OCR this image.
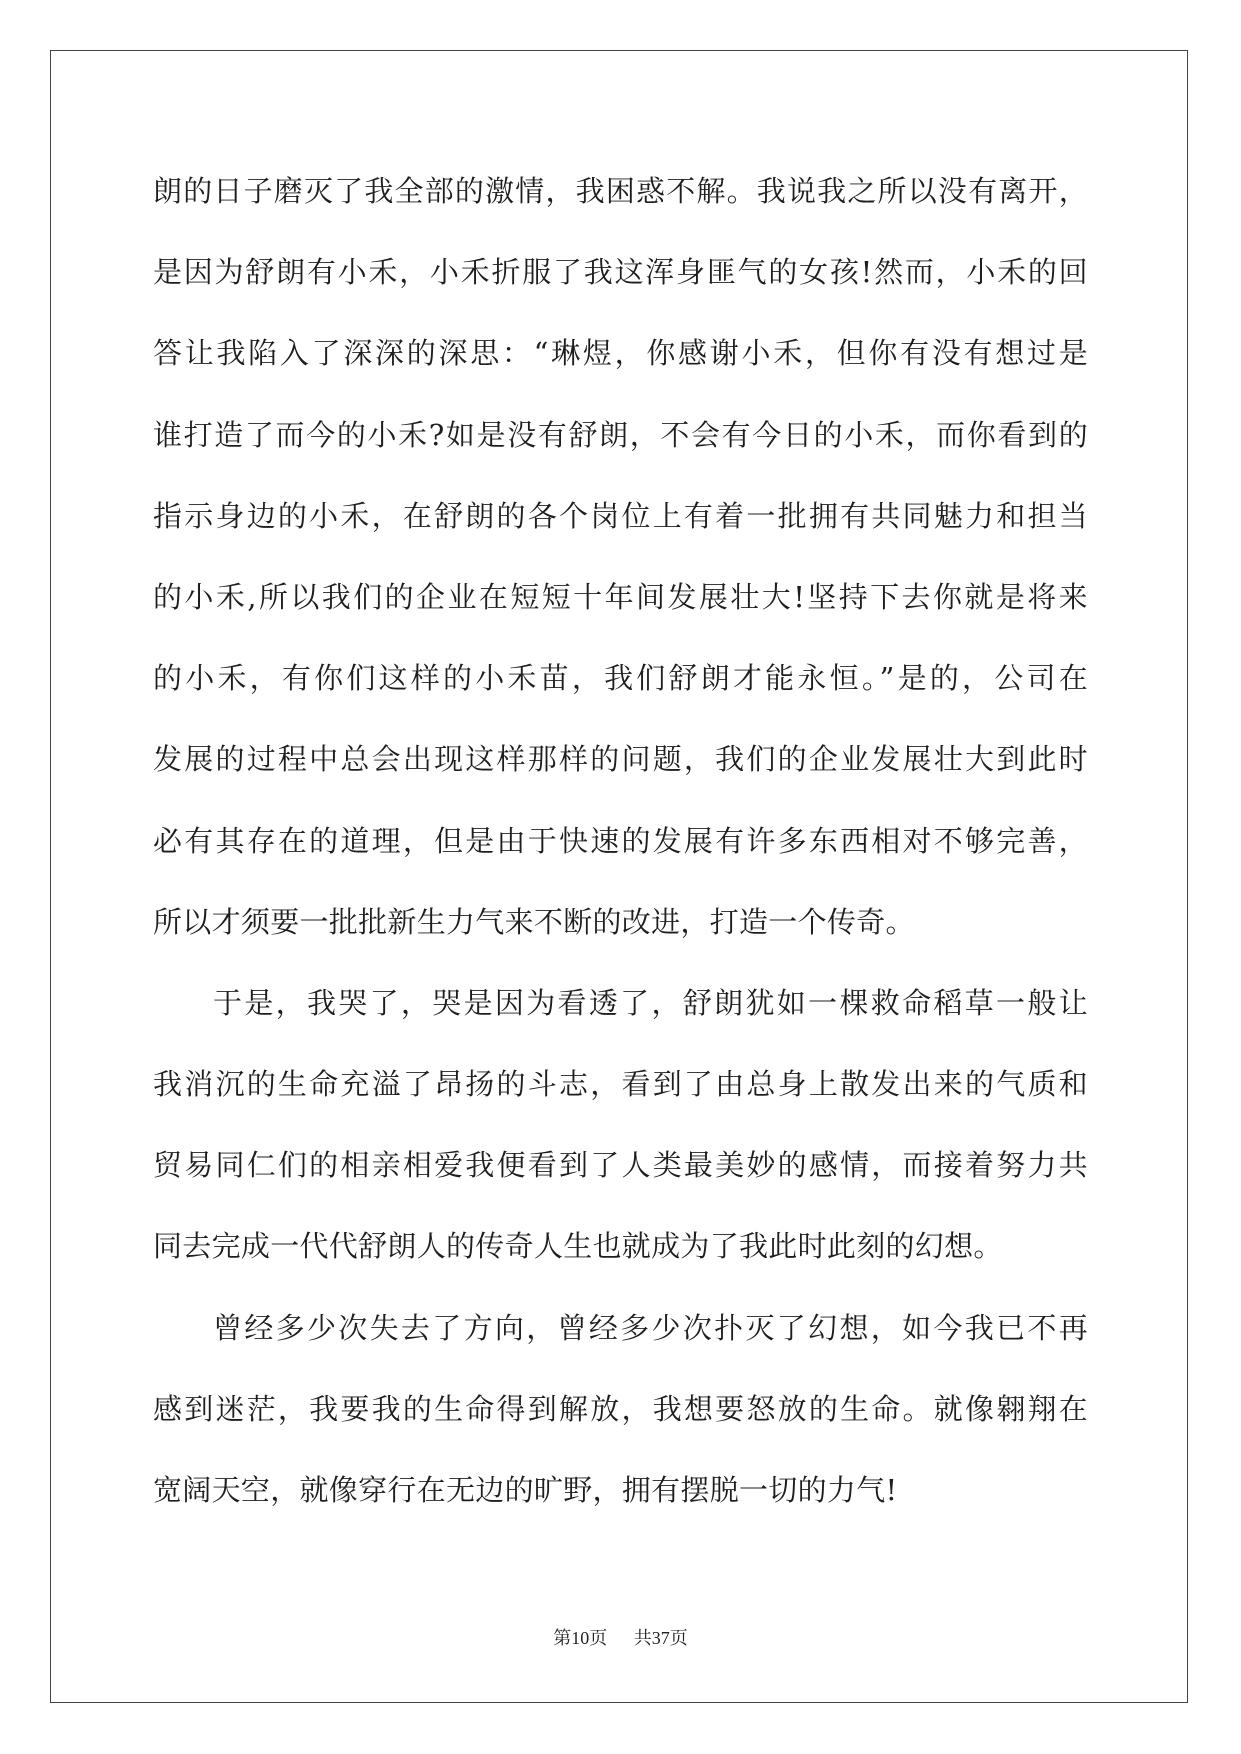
朗的日子磨灭了我全部的激情，我困惑不解。我说我之所以没有离开，
是因为舒朗有小禾，小禾折服了我这浑身匪气的女孩!然而，小禾的回
答让我陷入了深深的深思：“琳煜，你感谢小禾，但你有没有想过是
谁打造了而今的小禾?如是没有舒朗，不会有今日的小禾，而你看到的
指示身边的小禾，在舒朗的各个岗位上有着一批拥有共同魅力和担当
的小禾,所以我们的企业在短短十年间发展壮大!坚持下去你就是将来
的小禾，有你们这样的小禾苗，我们舒朗才能永恒。”是的，公司在
发展的过程中总会出现这样那样的问题，我们的企业发展壮大到此时
必有其存在的道理，但是由于快速的发展有许多东西相对不够完善，
所以才须要一批批新生力气来不断的改进，打造一个传奇。
于是，我哭了，哭是因为看透了，舒朗犹如一棵救命稻草一般让
我消沉的生命充溢了昂扬的斗志，看到了由总身上散发出来的气质和
贸易同仁们的相亲相爱我便看到了人类最美妙的感情，而接着努力共
同去完成一代代舒朗人的传奇人生也就成为了我此时此刻的幻想。
曾经多少次失去了方向，曾经多少次扑灭了幻想，如今我已不再
感到迷茫，我要我的生命得到解放，我想要怒放的生命。就像翱翔在
宽阔天空，就像穿行在无边的旷野，拥有摆脱一切的力气!
第10页 共37页
